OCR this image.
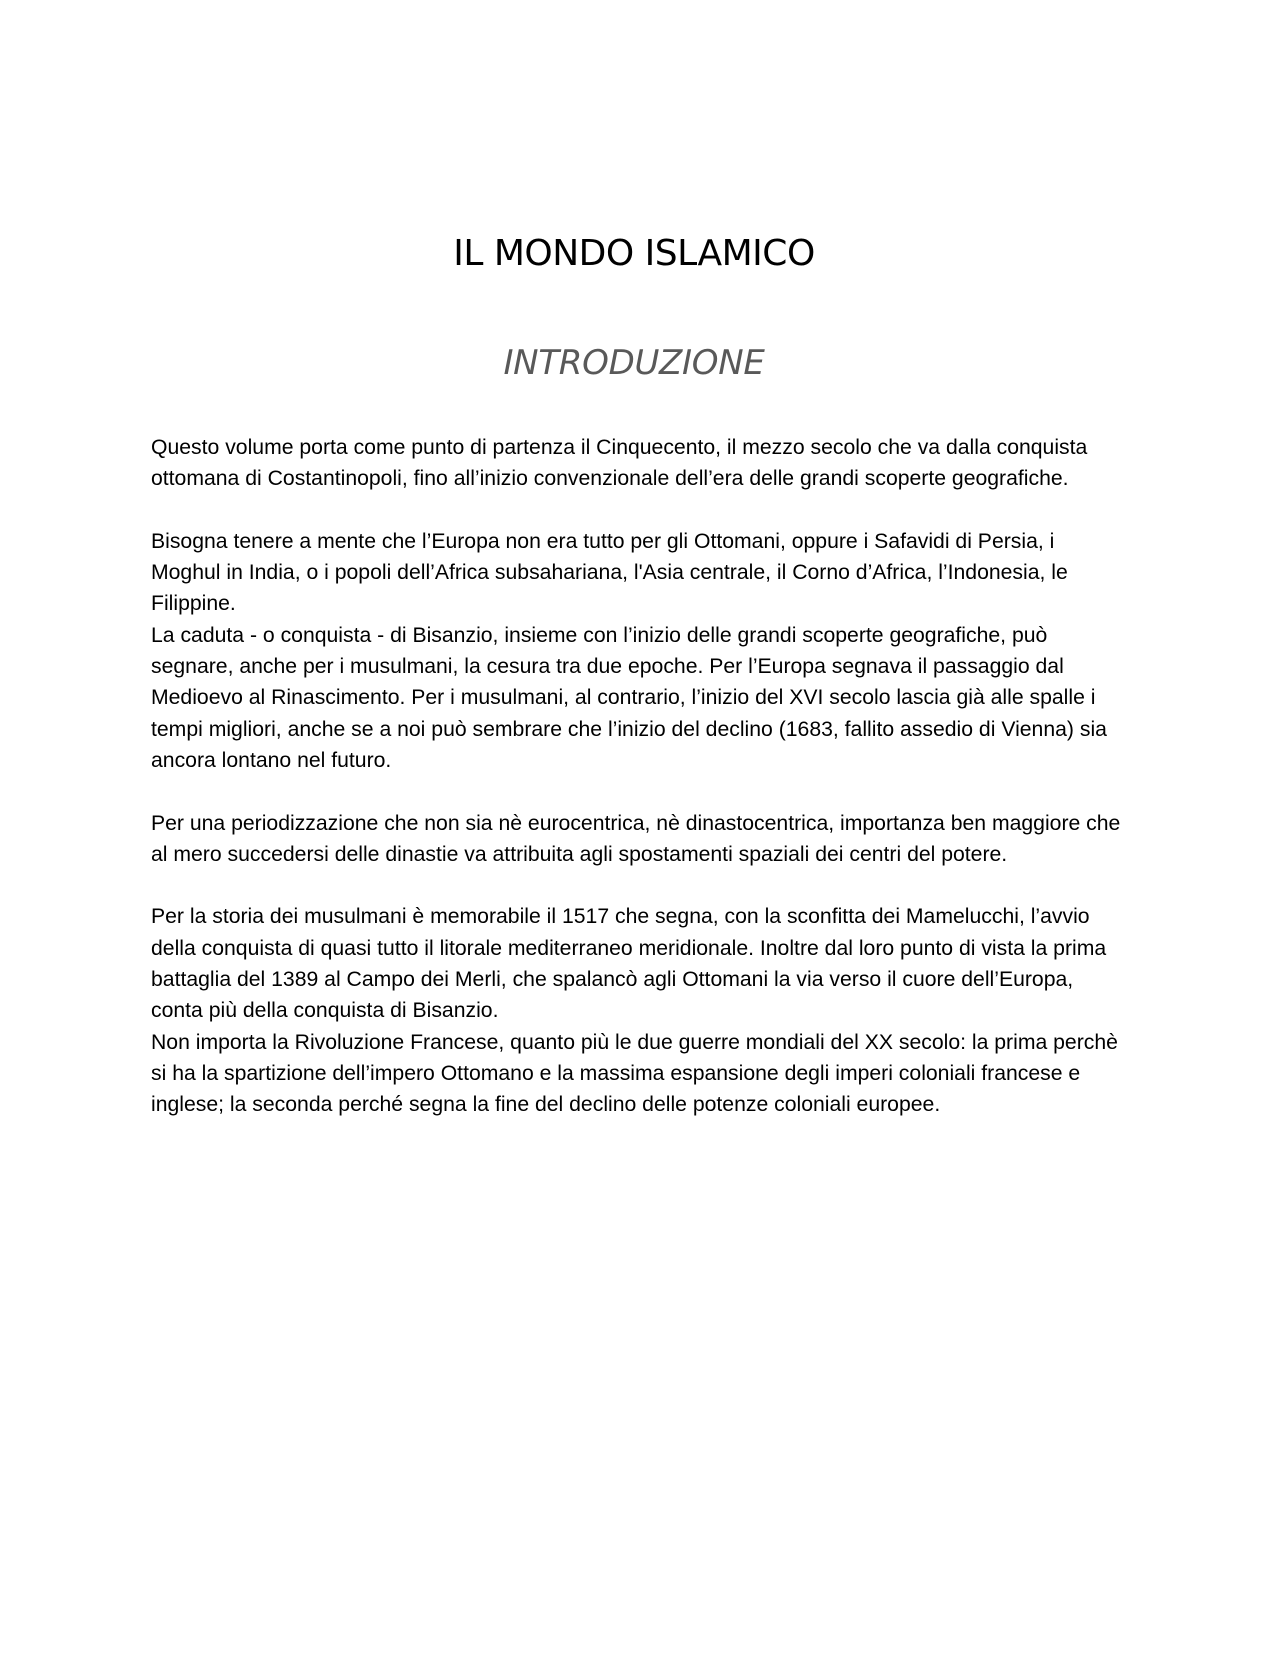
IL MONDO ISLAMICO
INTRODUZIONE

Questo volume porta come punto di partenza il Cinquecento, il mezzo secolo che va dalla conquista ottomana di Costantinopoli, fino all’inizio convenzionale dell’era delle grandi scoperte geografiche.

Bisogna tenere a mente che l’Europa non era tutto per gli Ottomani, oppure i Safavidi di Persia, i Moghul in India, o i popoli dell’Africa subsahariana, l'Asia centrale, il Corno d’Africa, l’Indonesia, le Filippine.

La caduta - o conquista - di Bisanzio, insieme con l’inizio delle grandi scoperte geografiche, può segnare, anche per i musulmani, la cesura tra due epoche. Per l’Europa segnava il passaggio dal Medioevo al Rinascimento. Per i musulmani, al contrario, l’inizio del XVI secolo lascia già alle spalle i tempi migliori, anche se a noi può sembrare che l’inizio del declino (1683, fallito assedio di Vienna) sia ancora lontano nel futuro.

Per una periodizzazione che non sia nè eurocentrica, nè dinastocentrica, importanza ben maggiore che al mero succedersi delle dinastie va attribuita agli spostamenti spaziali dei centri del potere.

Per la storia dei musulmani è memorabile il 1517 che segna, con la sconfitta dei Mamelucchi, l’avvio della conquista di quasi tutto il litorale mediterraneo meridionale. Inoltre dal loro punto di vista la prima battaglia del 1389 al Campo dei Merli, che spalancò agli Ottomani la via verso il cuore dell’Europa, conta più della conquista di Bisanzio.

Non importa la Rivoluzione Francese, quanto più le due guerre mondiali del XX secolo: la prima perchè si ha la spartizione dell’impero Ottomano e la massima espansione degli imperi coloniali francese e inglese; la seconda perché segna la fine del declino delle potenze coloniali europee.
